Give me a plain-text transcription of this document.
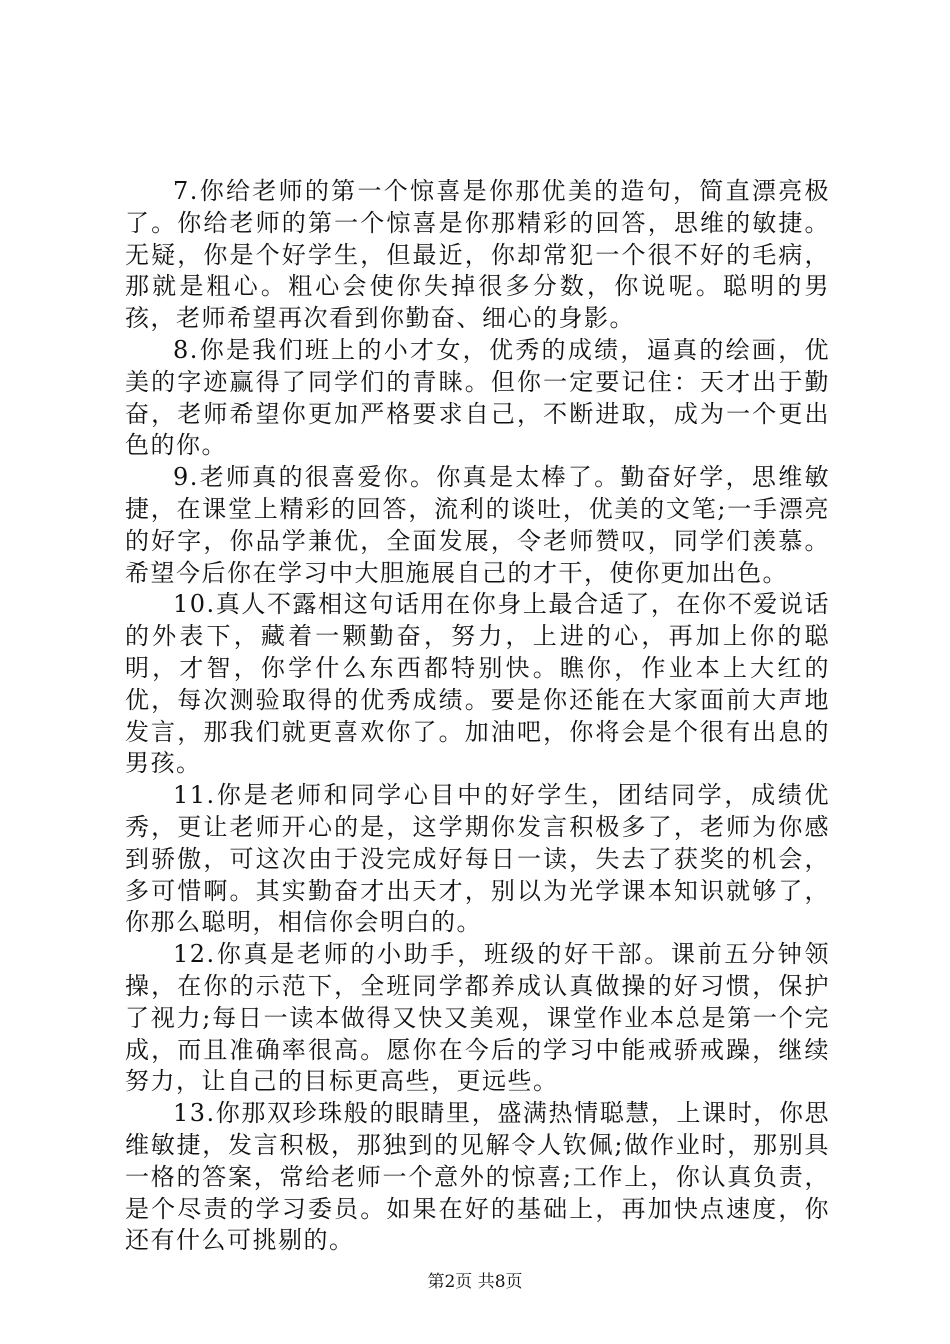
7.你给老师的第一个惊喜是你那优美的造句，简直漂亮极了。你给老师的第一个惊喜是你那精彩的回答，思维的敏捷。无疑，你是个好学生，但最近，你却常犯一个很不好的毛病，那就是粗心。粗心会使你失掉很多分数，你说呢。聪明的男孩，老师希望再次看到你勤奋、细心的身影。

8.你是我们班上的小才女，优秀的成绩，逼真的绘画，优美的字迹赢得了同学们的青睐。但你一定要记住：天才出于勤奋，老师希望你更加严格要求自己，不断进取，成为一个更出色的你。

9.老师真的很喜爱你。你真是太棒了。勤奋好学，思维敏捷，在课堂上精彩的回答，流利的谈吐，优美的文笔;一手漂亮的好字，你品学兼优，全面发展，令老师赞叹，同学们羡慕。希望今后你在学习中大胆施展自己的才干，使你更加出色。

10.真人不露相这句话用在你身上最合适了，在你不爱说话的外表下，藏着一颗勤奋，努力，上进的心，再加上你的聪明，才智，你学什么东西都特别快。瞧你，作业本上大红的优，每次测验取得的优秀成绩。要是你还能在大家面前大声地发言，那我们就更喜欢你了。加油吧，你将会是个很有出息的男孩。

11.你是老师和同学心目中的好学生，团结同学，成绩优秀，更让老师开心的是，这学期你发言积极多了，老师为你感到骄傲，可这次由于没完成好每日一读，失去了获奖的机会，多可惜啊。其实勤奋才出天才，别以为光学课本知识就够了，你那么聪明，相信你会明白的。

12.你真是老师的小助手，班级的好干部。课前五分钟领操，在你的示范下，全班同学都养成认真做操的好习惯，保护了视力;每日一读本做得又快又美观，课堂作业本总是第一个完成，而且准确率很高。愿你在今后的学习中能戒骄戒躁，继续努力，让自己的目标更高些，更远些。

13.你那双珍珠般的眼睛里，盛满热情聪慧，上课时，你思维敏捷，发言积极，那独到的见解令人钦佩;做作业时，那别具一格的答案，常给老师一个意外的惊喜;工作上，你认真负责，是个尽责的学习委员。如果在好的基础上，再加快点速度，你还有什么可挑剔的。

第2页 共8页
